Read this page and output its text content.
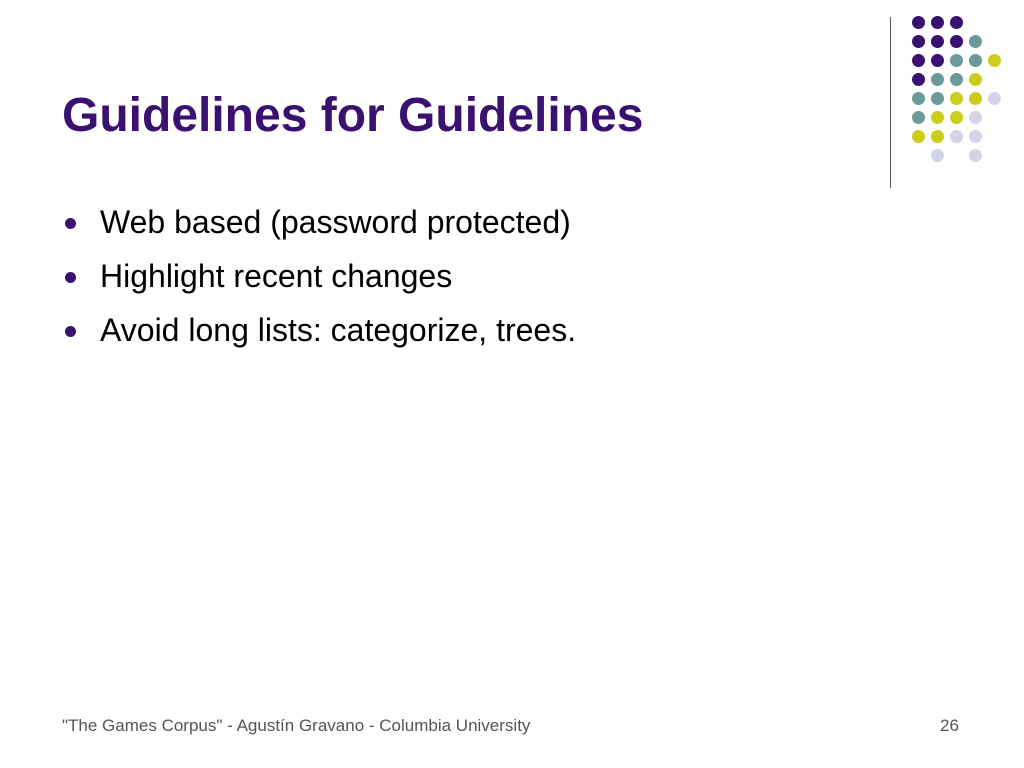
Guidelines for Guidelines
Web based (password protected)
Highlight recent changes
Avoid long lists: categorize, trees.
"The Games Corpus" - Agustín Gravano - Columbia University	26
